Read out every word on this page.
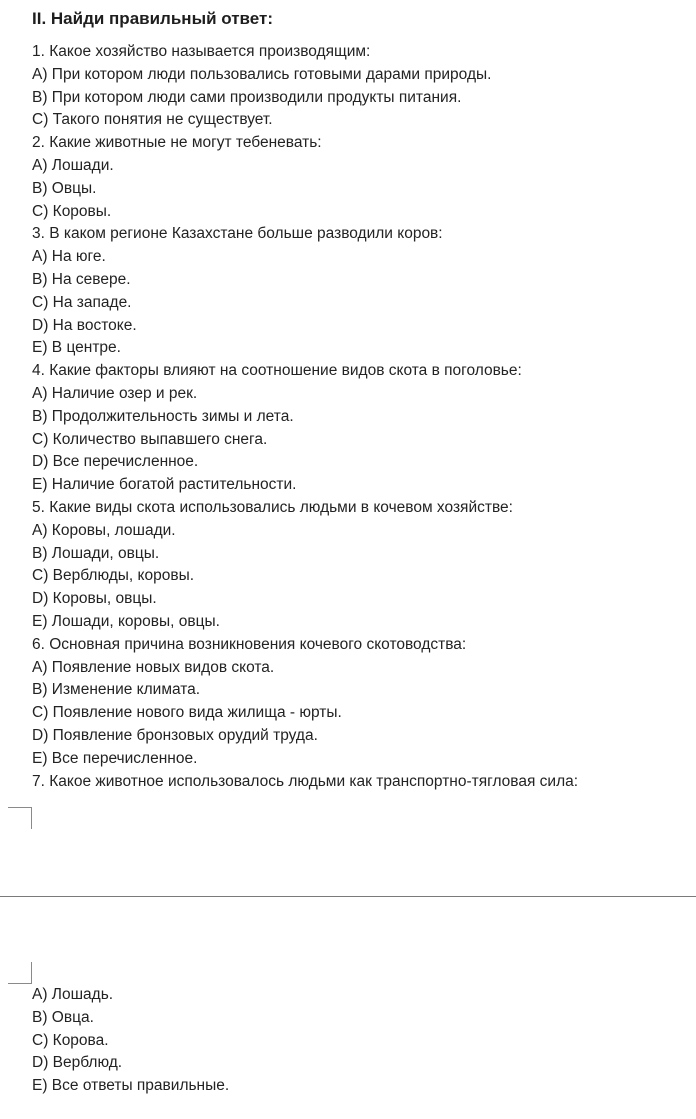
II. Найди правильный ответ:
1. Какое хозяйство называется производящим:
A) При котором люди пользовались готовыми дарами природы.
B) При котором люди сами производили продукты питания.
C) Такого понятия не существует.
2. Какие животные не могут тебеневать:
A) Лошади.
B) Овцы.
C) Коровы.
3. В каком регионе Казахстане больше разводили коров:
A) На юге.
B) На севере.
C) На западе.
D) На востоке.
E) В центре.
4. Какие факторы влияют на соотношение видов скота в поголовье:
A) Наличие озер и рек.
B) Продолжительность зимы и лета.
C) Количество выпавшего снега.
D) Все перечисленное.
E) Наличие богатой растительности.
5. Какие виды скота использовались людьми в кочевом хозяйстве:
A) Коровы, лошади.
B) Лошади, овцы.
C) Верблюды, коровы.
D) Коровы, овцы.
E) Лошади, коровы, овцы.
6. Основная причина возникновения кочевого скотоводства:
A) Появление новых видов скота.
B) Изменение климата.
C) Появление нового вида жилища - юрты.
D) Появление бронзовых орудий труда.
E) Все перечисленное.
7. Какое животное использовалось людьми как транспортно-тягловая сила:
A) Лошадь.
B) Овца.
C) Корова.
D) Верблюд.
E) Все ответы правильные.
